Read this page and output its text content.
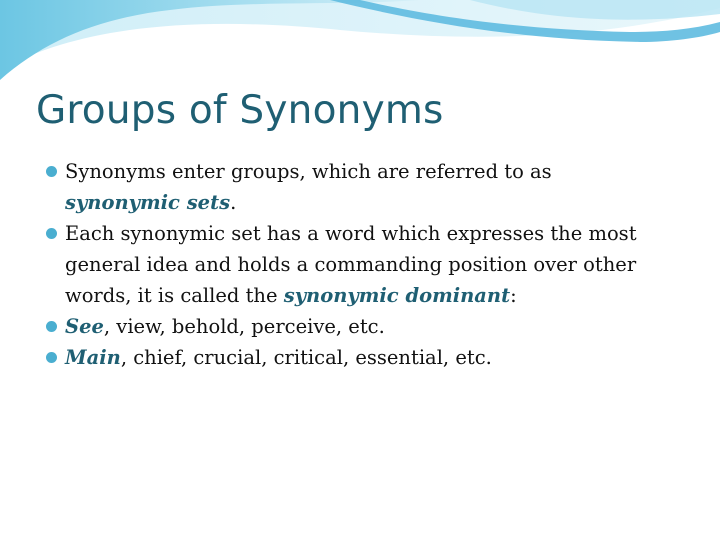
Groups of Synonyms
Synonyms enter groups, which are referred to as
synonymic sets.
Each synonymic set has a word which expresses the most general idea and holds a commanding position over other words, it is called the synonymic dominant:
See, view, behold, perceive, etc.
Main, chief, crucial, critical, essential, etc.
